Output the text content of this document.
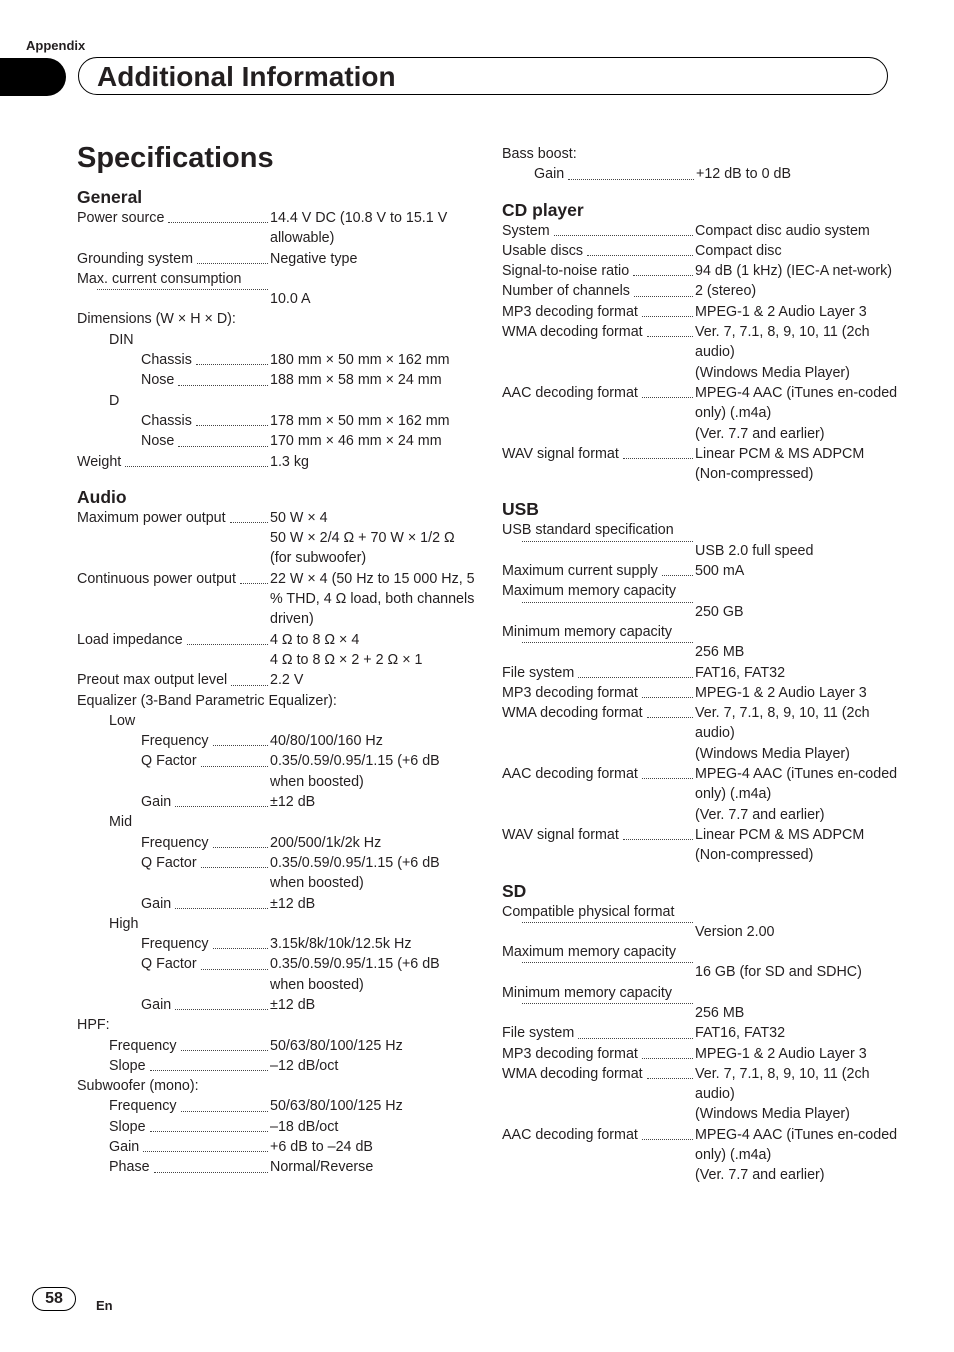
Appendix
Additional Information
Specifications
General
Power source	14.4 V DC (10.8 V to 15.1 V allowable)
Grounding system	Negative type
Max. current consumption
10.0 A
Dimensions (W × H × D):
DIN
Chassis	180 mm × 50 mm × 162 mm
Nose	188 mm × 58 mm × 24 mm
D
Chassis	178 mm × 50 mm × 162 mm
Nose	170 mm × 46 mm × 24 mm
Weight	1.3 kg
Audio
Maximum power output	50 W × 4
50 W × 2/4 Ω + 70 W × 1/2 Ω (for subwoofer)
Continuous power output 22 W × 4 (50 Hz to 15 000 Hz, 5 % THD, 4 Ω load, both channels driven)
Load impedance	4 Ω to 8 Ω × 4
4 Ω to 8 Ω × 2 + 2 Ω × 1
Preout max output level	2.2 V
Equalizer (3-Band Parametric Equalizer):
Low
Frequency	40/80/100/160 Hz
Q Factor	0.35/0.59/0.95/1.15 (+6 dB when boosted)
Gain	±12 dB
Mid
Frequency	200/500/1k/2k Hz
Q Factor	0.35/0.59/0.95/1.15 (+6 dB when boosted)
Gain	±12 dB
High
Frequency	3.15k/8k/10k/12.5k Hz
Q Factor	0.35/0.59/0.95/1.15 (+6 dB when boosted)
Gain	±12 dB
HPF:
Frequency	50/63/80/100/125 Hz
Slope	–12 dB/oct
Subwoofer (mono):
Frequency	50/63/80/100/125 Hz
Slope	–18 dB/oct
Gain	+6 dB to –24 dB
Phase	Normal/Reverse
Bass boost:
Gain	+12 dB to 0 dB
CD player
System	Compact disc audio system
Usable discs	Compact disc
Signal-to-noise ratio	94 dB (1 kHz) (IEC-A net-work)
Number of channels	2 (stereo)
MP3 decoding format	MPEG-1 & 2 Audio Layer 3
WMA decoding format	Ver. 7, 7.1, 8, 9, 10, 11 (2ch audio)
(Windows Media Player)
AAC decoding format	MPEG-4 AAC (iTunes en-coded only) (.m4a)
(Ver. 7.7 and earlier)
WAV signal format	Linear PCM & MS ADPCM (Non-compressed)
USB
USB standard specification
USB 2.0 full speed
Maximum current supply	500 mA
Maximum memory capacity
250 GB
Minimum memory capacity
256 MB
File system	FAT16, FAT32
MP3 decoding format	MPEG-1 & 2 Audio Layer 3
WMA decoding format	Ver. 7, 7.1, 8, 9, 10, 11 (2ch audio)
(Windows Media Player)
AAC decoding format	MPEG-4 AAC (iTunes en-coded only) (.m4a)
(Ver. 7.7 and earlier)
WAV signal format	Linear PCM & MS ADPCM (Non-compressed)
SD
Compatible physical format
Version 2.00
Maximum memory capacity
16 GB (for SD and SDHC)
Minimum memory capacity
256 MB
File system	FAT16, FAT32
MP3 decoding format	MPEG-1 & 2 Audio Layer 3
WMA decoding format	Ver. 7, 7.1, 8, 9, 10, 11 (2ch audio)
(Windows Media Player)
AAC decoding format	MPEG-4 AAC (iTunes en-coded only) (.m4a)
(Ver. 7.7 and earlier)
58	En
